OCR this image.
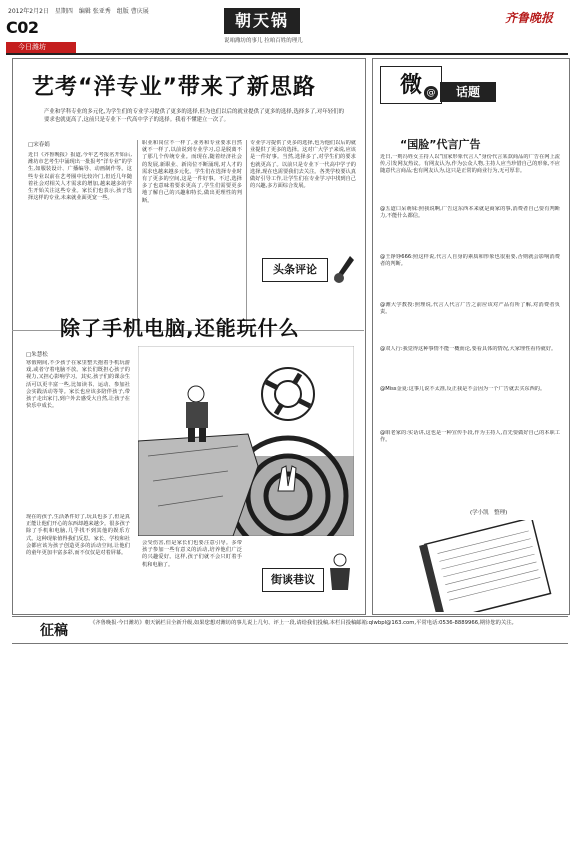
2012年2月2日　星期四　编辑 张亚秀　组版 曹庆展
C02	齐鲁晚报
朝天锅
说咱潍坊的事儿 拉咱百姓的理儿
今日潍坊
艺考“洋专业”带来了新思路
产业和学科专业的多元化,为学生们的专业学习提供了更多的选择,但为也们以后的就业提供了更多的选择,选择多了,对年轻们的要求也就更高了,这前只是专业下一代高中学子的选择。我看不懂建立一次了。
□宋春娟
近日《齐鲁晚报》报道,今年艺考报名开始后,潍坊市艺考生中涌现出一批报考“洋专业”的学生,如服装设计、广播编导、动画制作等。这些专业以前在艺考圈中比较冷门,但近几年随着社会对相关人才需求的增加,越来越多的学生开始关注这些专业。家长们也表示,孩子选择这样的专业,未来就业面更宽一些。
职业和岗位不一样了,业务和专业要求自然就不一样了,以前说到专业学习,总是脱离不了那几个传统专业。而现在,随着经济社会的发展,新职业、新岗位不断涌现,对人才的需求也越来越多元化。学生们在选择专业时有了更多的空间,这是一件好事。不过,选择多了也意味着要求更高了,学生们需要更多地了解自己的兴趣和特长,做出更理性的判断。
专业学习提供了更多的选择,也为他们以后的就业提供了更多的选择。这对广大学子来说,应该是一件好事。当然,选择多了,对学生们的要求也就更高了。以前只是专业下一代高中学子的选择,现在也需要我们去关注。各类学校要认真做好引导工作,让学生们在专业学习中找到自己的兴趣,多方面综合发展。
头条评论
除了手机电脑,还能玩什么
□朱慧松
寒假期间,不少孩子在家里整天抱着手机玩游戏,或者守着电脑不放。家长们既担心孩子的视力,又担心影响学习。其实,孩子们的课余生活可以更丰富一些,比如读书、运动、参加社会实践活动等等。家长也应该多陪伴孩子,带孩子走出家门,到户外去感受大自然,让孩子在快乐中成长。
现在的孩子,生活条件好了,玩具也多了,但是真正能让他们开心的东西却越来越少。很多孩子除了手机和电脑,几乎找不到其他的娱乐方式。这种现象值得我们反思。家长、学校和社会都应该为孩子创造更多的活动空间,让他们的童年更加丰富多彩,而不仅仅是对着屏幕。
会受伤害,但是家长们也要注意引导。多带孩子参加一些有意义的活动,培养他们广泛的兴趣爱好。这样,孩子们就不会只盯着手机和电脑了。
街谈巷议
微 @	话题
“国脸”代言广告
近日,一则冯姓女主持人以“国家形象代言人”身份代言某款商品的广告在网上流传,引发网友热议。有网友认为,作为公众人物,主持人应当珍惜自己的形象,不应随意代言商品;也有网友认为,这只是正常的商业行为,无可厚非。
@五道口呆萌妹:照我说啊,广告这东西本来就是商家的事,消费者自己要有判断力,不能什么都信。
@王铮铮666:照这样说,代言人自身的素质和形象也很重要,否则就会影响消费者的判断。
@潍大学教授:照理说,代言人代言广告之前应该对产品有所了解,对消费者负责。
@双人行:我觉得这种事情不能一概而论,要看具体的情况,大家理性看待就好。
@Miss金夏:这事儿说不太准,反正我是不会因为一个广告就去买东西的。
@咱老家的:实话讲,这也是一种宣传手段,作为主持人,首先要做好自己的本职工作。
(学小凯　整理)
征稿	《齐鲁晚报·今日潍坊》朝天锅栏目全新升级,如果您想对潍坊的事儿说上几句、评上一段,请给我们投稿,本栏目投稿邮箱:qlwbpl@163.com,平常电话:0536-8889966,期待您的关注。
